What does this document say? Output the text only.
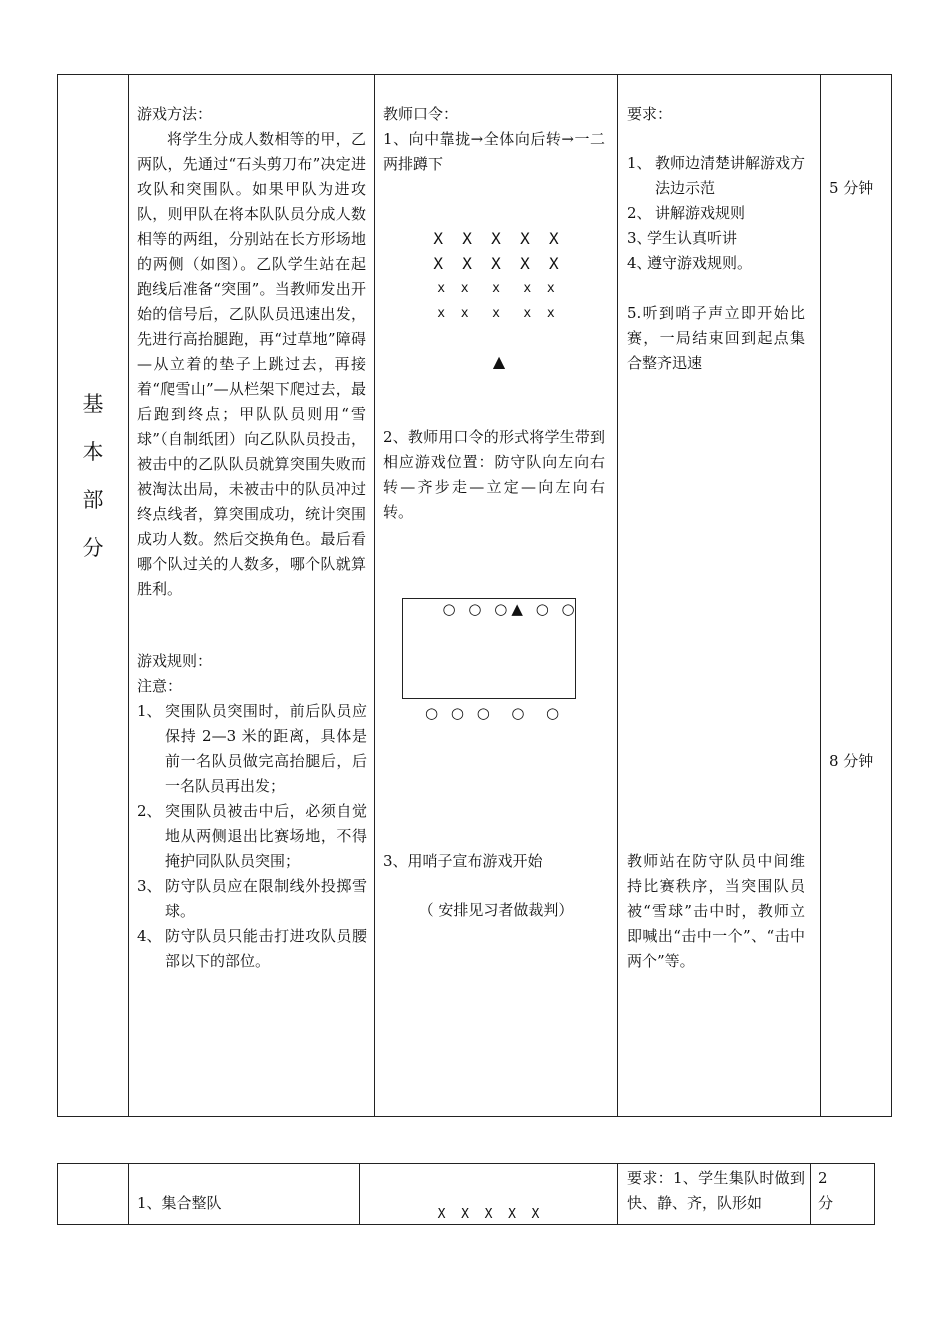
基
本
部
分
游戏方法：
将学生分成人数相等的甲，乙两队，先通过“石头剪刀布”决定进攻队和突围队。如果甲队为进攻队，则甲队在将本队队员分成人数相等的两组，分别站在长方形场地的两侧（如图）。乙队学生站在起跑线后准备“突围”。当教师发出开始的信号后，乙队队员迅速出发，先进行高抬腿跑，再“过草地”障碍—从立着的垫子上跳过去，再接着“爬雪山”—从栏架下爬过去，最后跑到终点；甲队队员则用“雪球”（自制纸团）向乙队队员投击，被击中的乙队队员就算突围失败而被淘汰出局，未被击中的队员冲过终点线者，算突围成功，统计突围成功人数。然后交换角色。最后看哪个队过关的人数多，哪个队就算胜利。
游戏规则：
注意：
1、 突围队员突围时，前后队员应保持 2—3 米的距离，具体是前一名队员做完高抬腿后，后一名队员再出发；
2、 突围队员被击中后，必须自觉地从两侧退出比赛场地，不得掩护同队队员突围；
3、 防守队员应在限制线外投掷雪球。
4、 防守队员只能击打进攻队员腰部以下的部位。
教师口令：
1、向中靠拢→全体向后转→一二两排蹲下
X  X  X  X  X
X  X  X  X  X
x  x   x   x  x
x  x   x   x  x
▲
2、教师用口令的形式将学生带到相应游戏位置：防守队向左向右转—齐步走—立定—向左向右转。

○ ○ ○▲ ○ ○

○ ○ ○  ○  ○
3、用哨子宣布游戏开始
（ 安排见习者做裁判）
要求：
1、 教师边清楚讲解游戏方法边示范
2、 讲解游戏规则
3、
学生认真听讲
4、
遵守游戏规则。

5.听到哨子声立即开始比赛，一局结束回到起点集合整齐迅速

教师站在防守队员中间维持比赛秩序，当突围队员被“雪球”击中时，教师立即喊出“击中一个”、“击中两个”等。
5 分钟
8 分钟
1、集合整队
X  X  X  X  X
要求：1、学生集队时做到快、静、齐，队形如
2
分
